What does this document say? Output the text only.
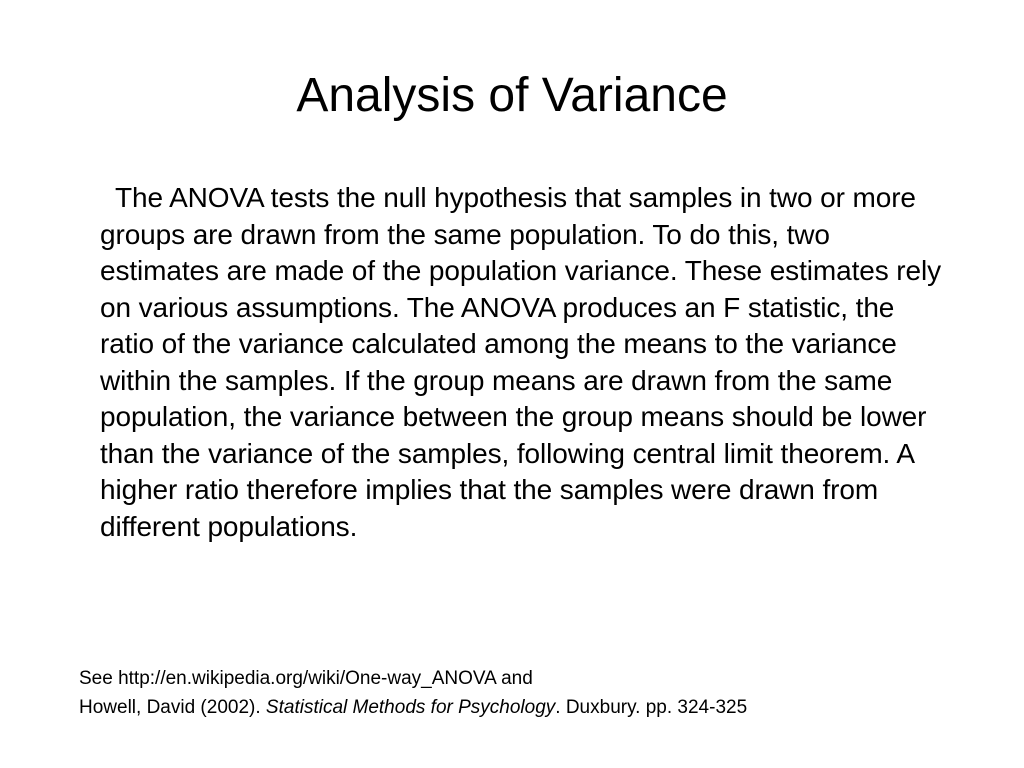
Analysis of Variance

The ANOVA tests the null hypothesis that samples in two or more groups are drawn from the same population. To do this, two estimates are made of the population variance. These estimates rely on various assumptions. The ANOVA produces an F statistic, the ratio of the variance calculated among the means to the variance within the samples. If the group means are drawn from the same population, the variance between the group means should be lower than the variance of the samples, following central limit theorem. A higher ratio therefore implies that the samples were drawn from different populations.

See http://en.wikipedia.org/wiki/One-way_ANOVA and
Howell, David (2002). Statistical Methods for Psychology. Duxbury. pp. 324-325
